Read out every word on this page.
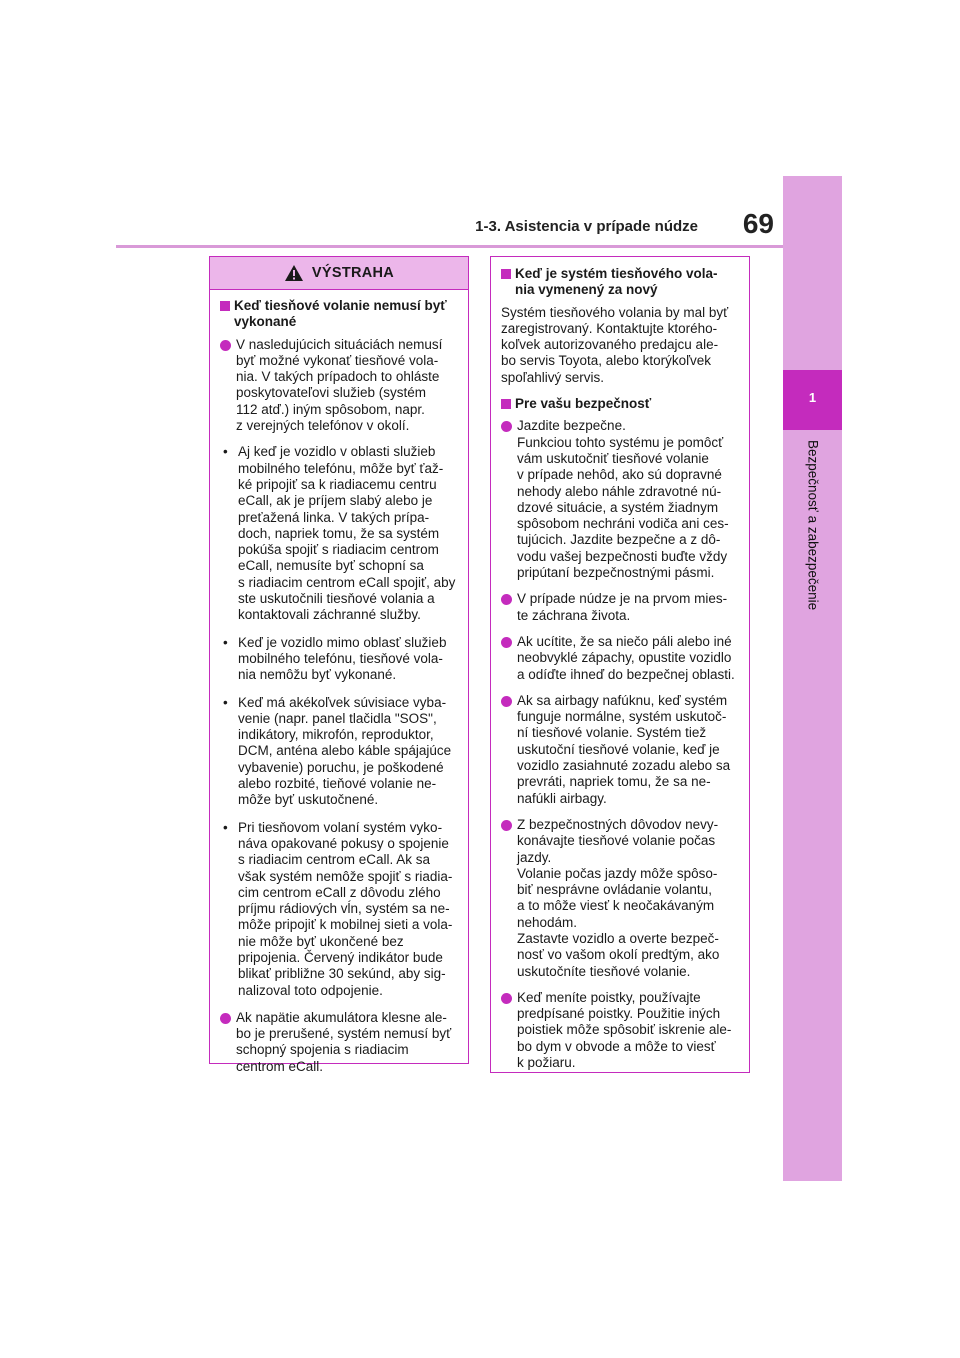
1-3. Asistencia v prípade núdze	69
1
Bezpečnosť a zabezpečenie
VÝSTRAHA
Keď tiesňové volanie nemusí byť vykonané
V nasledujúcich situáciách nemusí byť možné vykonať tiesňové vola-
nia. V takých prípadoch to ohláste poskytovateľovi služieb (systém
112 atď.) iným spôsobom, napr.
z verejných telefónov v okolí.
• Aj keď je vozidlo v oblasti služieb mobilného telefónu, môže byť ťaž-
ké pripojiť sa k riadiacemu centru eCall, ak je príjem slabý alebo je preťažená linka. V takých prípa-
doch, napriek tomu, že sa systém pokúša spojiť s riadiacim centrom eCall, nemusíte byť schopní sa
s riadiacim centrom eCall spojiť, aby ste uskutočnili tiesňové volania a kontaktovali záchranné služby.
• Keď je vozidlo mimo oblasť služieb mobilného telefónu, tiesňové vola-
nia nemôžu byť vykonané.
• Keď má akékoľvek súvisiace vyba-
venie (napr. panel tlačidla "SOS", indikátory, mikrofón, reproduktor, DCM, anténa alebo káble spájajúce vybavenie) poruchu, je poškodené alebo rozbité, tieňové volanie ne-
môže byť uskutočnené.
• Pri tiesňovom volaní systém vyko-
náva opakované pokusy o spojenie
s riadiacim centrom eCall. Ak sa však systém nemôže spojiť s riadia-
cim centrom eCall z dôvodu zlého príjmu rádiových vĺn, systém sa ne-
môže pripojiť k mobilnej sieti a vola-
nie môže byť ukončené bez pripojenia. Červený indikátor bude blikať približne 30 sekúnd, aby sig-
nalizoval toto odpojenie.
Ak napätie akumulátora klesne ale-
bo je prerušené, systém nemusí byť schopný spojenia s riadiacim centrom eCall.
Keď je systém tiesňového vola-
nia vymenený za nový
Systém tiesňového volania by mal byť zaregistrovaný. Kontaktujte ktorého-
koľvek autorizovaného predajcu ale-
bo servis Toyota, alebo ktorýkoľvek spoľahlivý servis.
Pre vašu bezpečnosť
Jazdite bezpečne.
Funkciou tohto systému je pomôcť vám uskutočniť tiesňové volanie
v prípade nehôd, ako sú dopravné nehody alebo náhle zdravotné nú-
dzové situácie, a systém žiadnym spôsobom nechráni vodiča ani ces-
tujúcich. Jazdite bezpečne a z dô-
vodu vašej bezpečnosti buďte vždy pripútaní bezpečnostnými pásmi.
V prípade núdze je na prvom mies-
te záchrana života.
Ak ucítite, že sa niečo páli alebo iné neobvyklé zápachy, opustite vozidlo a odíďte ihneď do bezpečnej oblasti.
Ak sa airbagy nafúknu, keď systém funguje normálne, systém uskutoč-
ní tiesňové volanie. Systém tiež uskutoční tiesňové volanie, keď je vozidlo zasiahnuté zozadu alebo sa prevráti, napriek tomu, že sa ne-
nafúkli airbagy.
Z bezpečnostných dôvodov nevy-
konávajte tiesňové volanie počas jazdy.
Volanie počas jazdy môže spôso-
biť nesprávne ovládanie volantu,
a to môže viesť k neočakávaným nehodám.
Zastavte vozidlo a overte bezpeč-
nosť vo vašom okolí predtým, ako uskutočníte tiesňové volanie.
Keď meníte poistky, používajte predpísané poistky. Použitie iných poistiek môže spôsobiť iskrenie ale-
bo dym v obvode a môže to viesť
k požiaru.
